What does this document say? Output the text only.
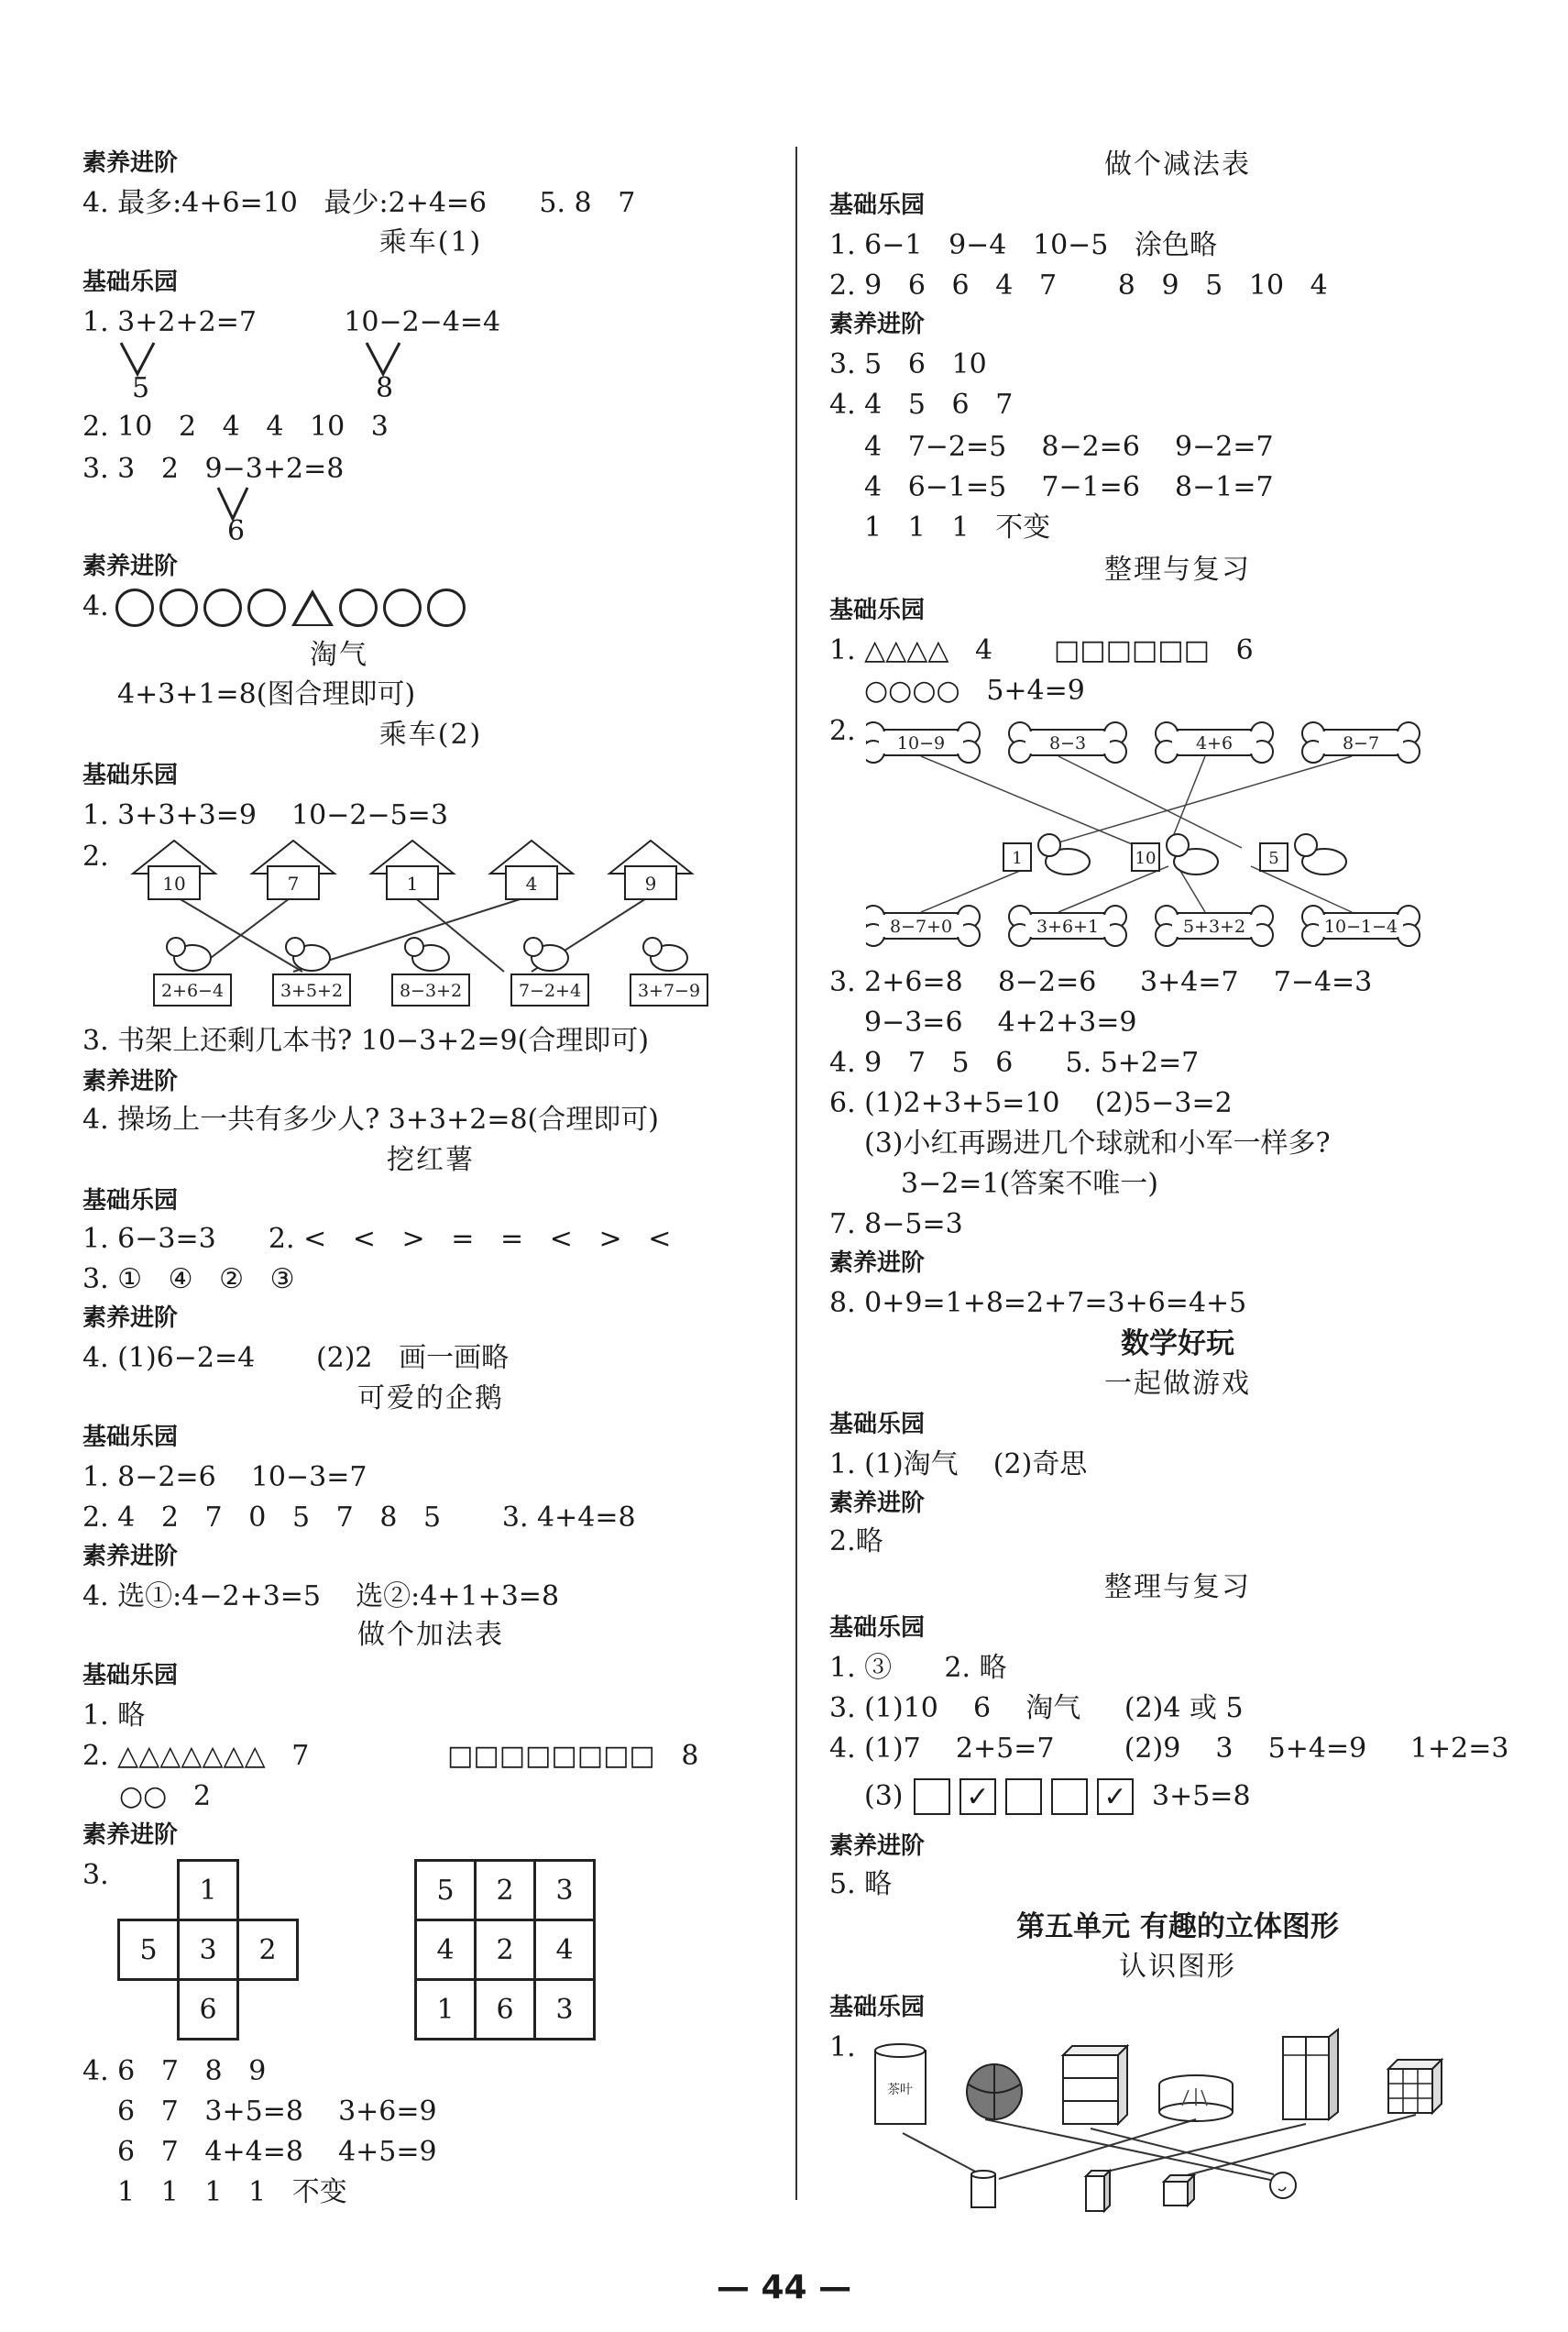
素养进阶
4. 最多:4+6=10   最少:2+4=6      5. 8   7
乘车(1)
基础乐园
1. 3+2+2=7          10−2−4=4
5	8
2. 10   2   4   4   10   3
3. 3   2   9−3+2=8
6
素养进阶
4.
淘气
4+3+1=8(图合理即可)
乘车(2)
基础乐园
1. 3+3+3=9    10−2−5=3
2.
10	7	1	4	9
2+6−4	3+5+2	8−3+2	7−2+4	3+7−9
3. 书架上还剩几本书? 10−3+2=9(合理即可)
素养进阶
4. 操场上一共有多少人? 3+3+2=8(合理即可)
挖红薯
基础乐园
1. 6−3=3      2. <   <   >   =   =   <   >   <
3. ①   ④   ②   ③
素养进阶
4. (1)6−2=4       (2)2   画一画略
可爱的企鹅
基础乐园
1. 8−2=6    10−3=7
2. 4   2   7   0   5   7   8   5       3. 4+4=8
素养进阶
4. 选①:4−2+3=5    选②:4+1+3=8
做个加法表
基础乐园
1. 略
2. △△△△△△△   7	□□□□□□□□   8
○○   2
素养进阶
3.
		1	
5	3	2
	6	
5	2	3
4	2	4
1	6	3
4. 6   7   8   9
6   7   3+5=8    3+6=9
6   7   4+4=8    4+5=9
1   1   1   1   不变
做个减法表
基础乐园
1. 6−1   9−4   10−5   涂色略
2. 9   6   6   4   7       8   9   5   10   4
素养进阶
3. 5   6   10
4. 4   5   6   7
4   7−2=5    8−2=6    9−2=7
4   6−1=5    7−1=6    8−1=7
1   1   1   不变
整理与复习
基础乐园
1. △△△△   4       □□□□□□   6
○○○○   5+4=9
2. 10−9	8−3	4+6	8−7
1	10	5
8−7+0	3+6+1	5+3+2	10−1−4
3. 2+6=8    8−2=6     3+4=7    7−4=3
9−3=6    4+2+3=9
4. 9   7   5   6      5. 5+2=7
6. (1)2+3+5=10    (2)5−3=2
(3)小红再踢进几个球就和小军一样多?
3−2=1(答案不唯一)
7. 8−5=3
素养进阶
8. 0+9=1+8=2+7=3+6=4+5
数学好玩
一起做游戏
基础乐园
1. (1)淘气    (2)奇思
素养进阶
2.略
整理与复习
基础乐园
1. ③      2. 略
3. (1)10    6    淘气     (2)4 或 5
4. (1)7    2+5=7        (2)9    3    5+4=9     1+2=3
(3)	✓	✓ 3+5=8
素养进阶
5. 略
第五单元 有趣的立体图形
认识图形
基础乐园
1.
茶叶
— 44 —
